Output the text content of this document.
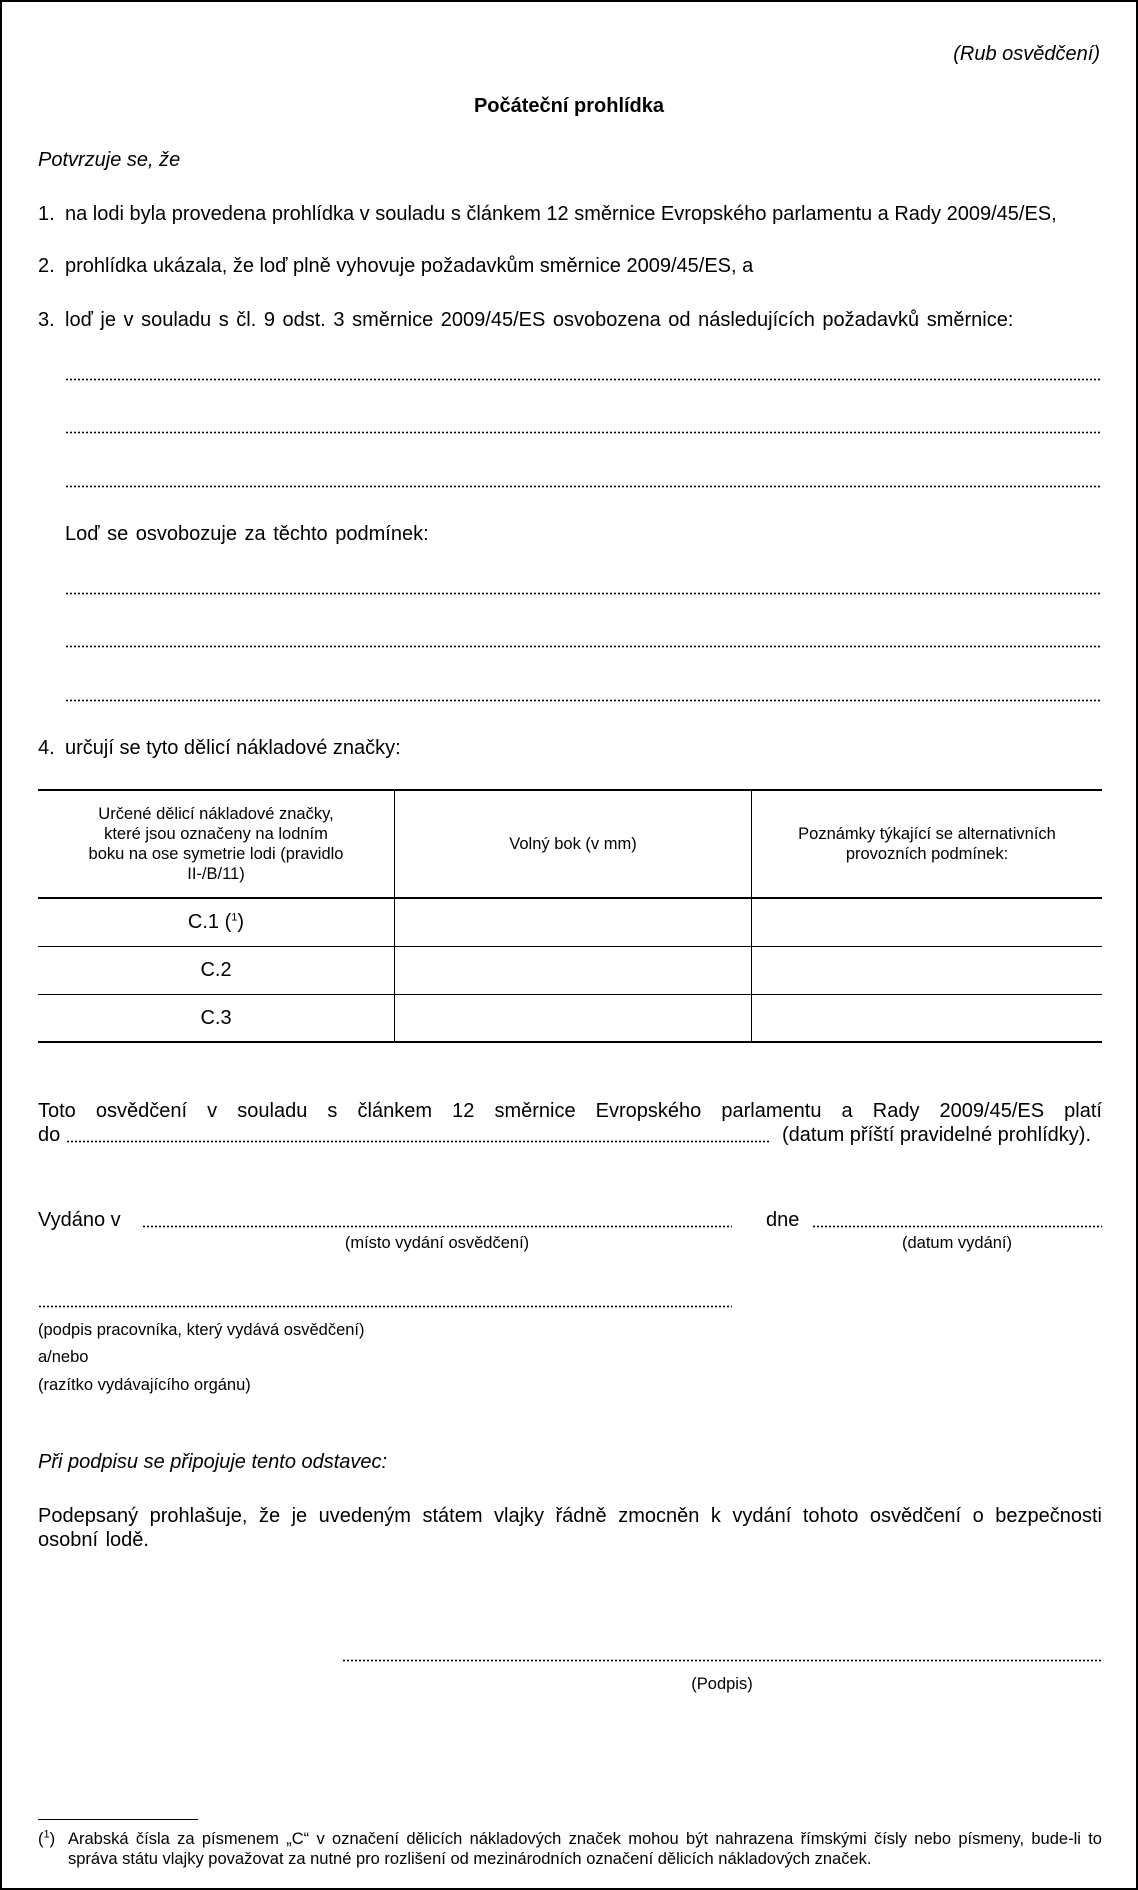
(Rub osvědčení)
Počáteční prohlídka
Potvrzuje se, že
1. na lodi byla provedena prohlídka v souladu s článkem 12 směrnice Evropského parlamentu a Rady 2009/45/ES,
2. prohlídka ukázala, že loď plně vyhovuje požadavkům směrnice 2009/45/ES, a
3. loď je v souladu s čl. 9 odst. 3 směrnice 2009/45/ES osvobozena od následujících požadavků směrnice:
Loď se osvobozuje za těchto podmínek:
4. určují se tyto dělicí nákladové značky:
Určené dělicí nákladové značky, které jsou označeny na lodním boku na ose symetrie lodi (pravidlo II-/B/11)	Volný bok (v mm)	Poznámky týkající se alternativních provozních podmínek:

C.1 ($^1$)		
C.2		
C.3		
Toto osvědčení v souladu s článkem 12 směrnice Evropského parlamentu a Rady 2009/45/ES platí
do	(datum příští pravidelné prohlídky).
Vydáno v
(místo vydání osvědčení)
dne
(datum vydání)
(podpis pracovníka, který vydává osvědčení)
a/nebo
(razítko vydávajícího orgánu)
Při podpisu se připojuje tento odstavec:
Podepsaný prohlašuje, že je uvedeným státem vlajky řádně zmocněn k vydání tohoto osvědčení o bezpečnosti osobní lodě.
(Podpis)
($^1$) Arabská čísla za písmenem „C“ v označení dělicích nákladových značek mohou být nahrazena římskými čísly nebo písmeny, bude-li to správa státu vlajky považovat za nutné pro rozlišení od mezinárodních označení dělicích nákladových značek.
